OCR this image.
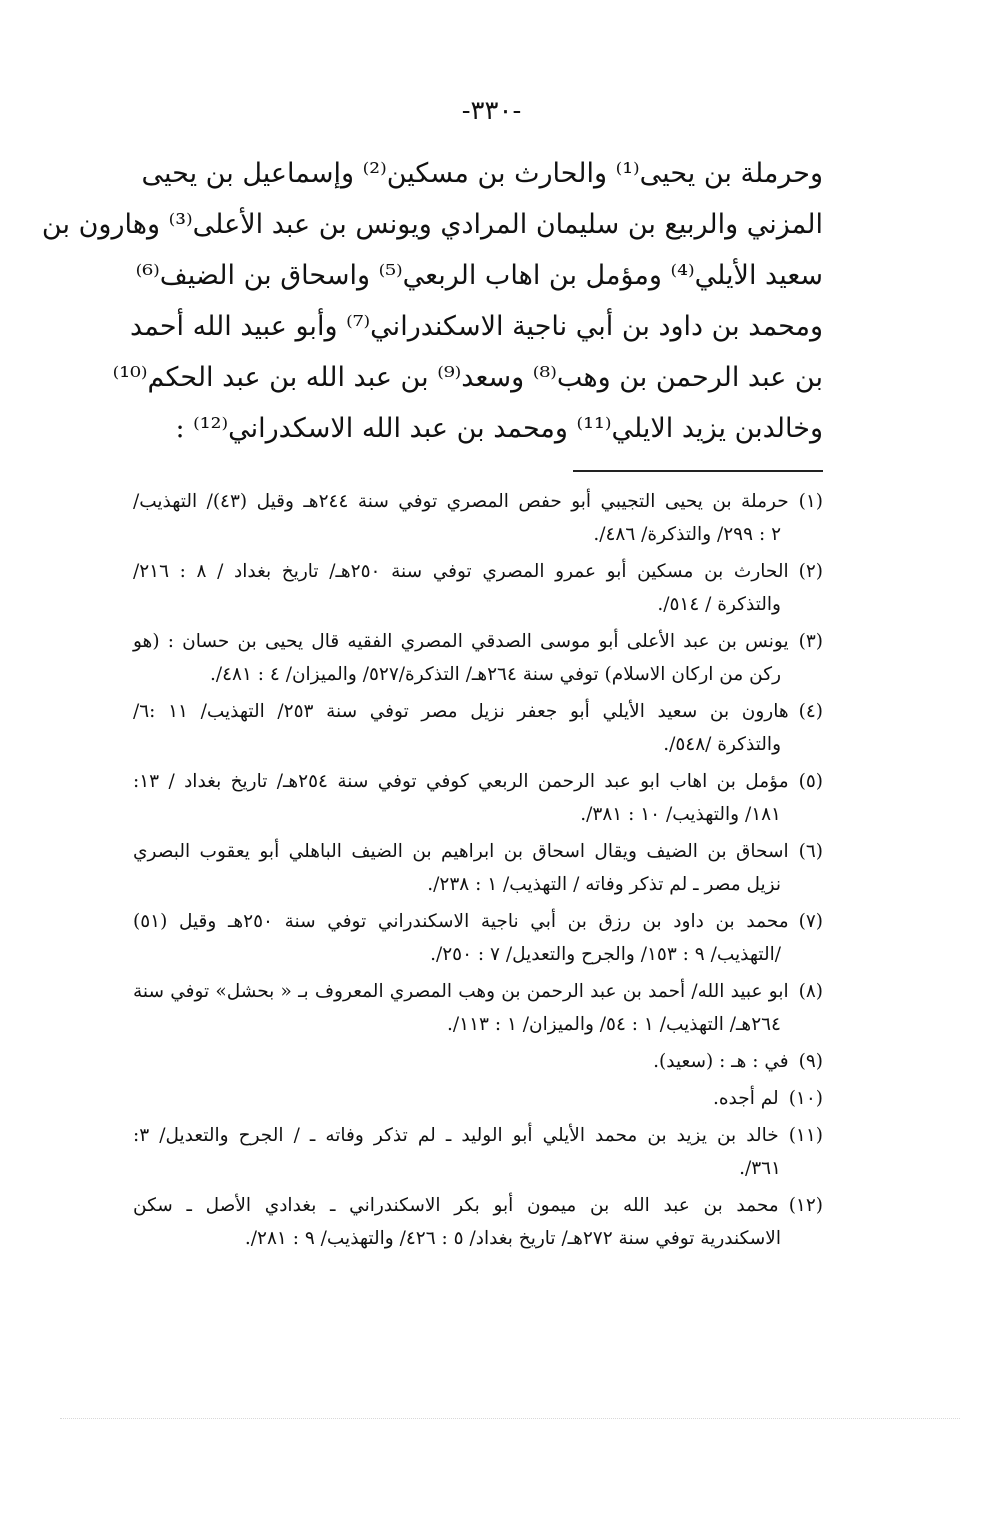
-٣٣٠-
وحرملة بن يحيى⁽¹⁾ والحارث بن مسكين⁽²⁾ وإسماعيل بن يحيى
المزني والربيع بن سليمان المرادي ويونس بن عبد الأعلى⁽³⁾ وهارون بن
سعيد الأيلي⁽⁴⁾ ومؤمل بن اهاب الربعي⁽⁵⁾ واسحاق بن الضيف⁽⁶⁾
ومحمد بن داود بن أبي ناجية الاسكندراني⁽⁷⁾ وأبو عبيد الله أحمد
بن عبد الرحمن بن وهب⁽⁸⁾ وسعد⁽⁹⁾ بن عبد الله بن عبد الحكم⁽¹⁰⁾
وخالدبن يزيد الايلي⁽¹¹⁾ ومحمد بن عبد الله الاسكدراني⁽¹²⁾ :
(١)حرملة بن يحيى التجيبي أبو حفص المصري توفي سنة ٢٤٤هـ وقيل (٤٣)/ التهذيب/
٢ : ٢٩٩/ والتذكرة/ ٤٨٦/.
(٢)الحارث بن مسكين أبو عمرو المصري توفي سنة ٢٥٠هـ/ تاريخ بغداد / ٨ : ٢١٦/
والتذكرة / ٥١٤/.
(٣)يونس بن عبد الأعلى أبو موسى الصدقي المصري الفقيه قال يحيى بن حسان : (هو
ركن من اركان الاسلام) توفي سنة ٢٦٤هـ/ التذكرة/٥٢٧/ والميزان/ ٤ : ٤٨١/.
(٤)هارون بن سعيد الأيلي أبو جعفر نزيل مصر توفي سنة ٢٥٣/ التهذيب/ ١١ :٦/
والتذكرة /٥٤٨/.
(٥)مؤمل بن اهاب ابو عبد الرحمن الربعي كوفي توفي سنة ٢٥٤هـ/ تاريخ بغداد / ١٣:
١٨١/ والتهذيب/ ١٠ : ٣٨١/.
(٦)اسحاق بن الضيف ويقال اسحاق بن ابراهيم بن الضيف الباهلي أبو يعقوب البصري
نزيل مصر ـ لم تذكر وفاته / التهذيب/ ١ : ٢٣٨/.
(٧)محمد بن داود بن رزق بن أبي ناجية الاسكندراني توفي سنة ٢٥٠هـ وقيل (٥١)
/التهذيب/ ٩ : ١٥٣/ والجرح والتعديل/ ٧ : ٢٥٠/.
(٨)ابو عبيد الله/ أحمد بن عبد الرحمن بن وهب المصري المعروف بـ « بحشل» توفي سنة
٢٦٤هـ/ التهذيب/ ١ : ٥٤/ والميزان/ ١ : ١١٣/.
(٩)في : هـ : (سعيد).
(١٠)لم أجده.
(١١)خالد بن يزيد بن محمد الأيلي أبو الوليد ـ لم تذكر وفاته ـ / الجرح والتعديل/ ٣:
٣٦١/.
(١٢)محمد بن عبد الله بن ميمون أبو بكر الاسكندراني ـ بغدادي الأصل ـ سكن
الاسكندرية توفي سنة ٢٧٢هـ/ تاريخ بغداد/ ٥ : ٤٢٦/ والتهذيب/ ٩ : ٢٨١/.
